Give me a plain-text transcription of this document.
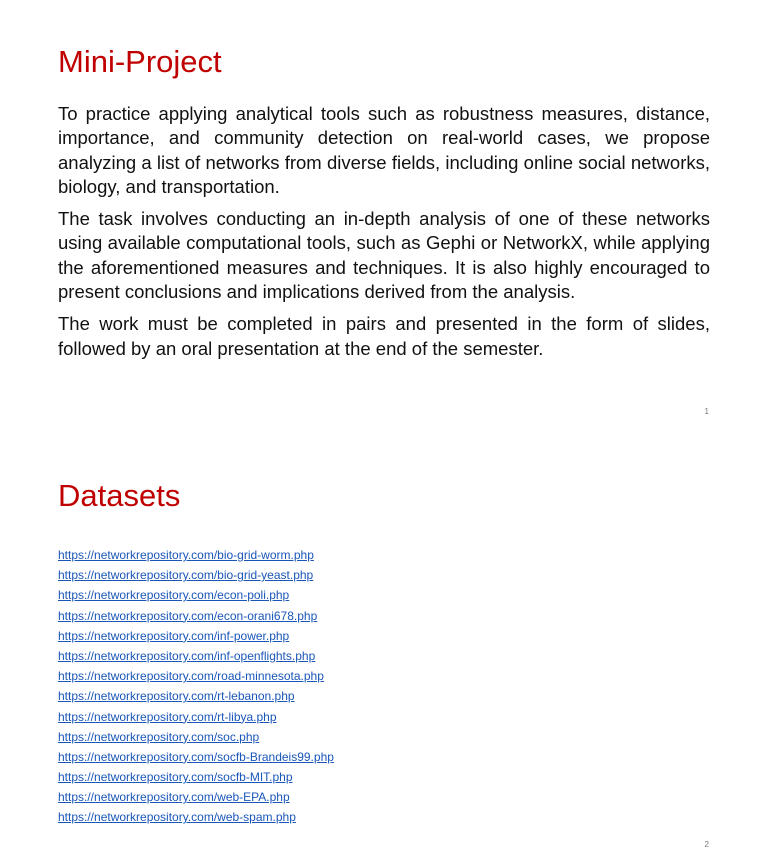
Mini-Project

To practice applying analytical tools such as robustness measures, distance, importance, and community detection on real-world cases, we propose analyzing a list of networks from diverse fields, including online social networks, biology, and transportation.

The task involves conducting an in-depth analysis of one of these networks using available computational tools, such as Gephi or NetworkX, while applying the aforementioned measures and techniques. It is also highly encouraged to present conclusions and implications derived from the analysis.

The work must be completed in pairs and presented in the form of slides, followed by an oral presentation at the end of the semester.

1
Datasets
https://networkrepository.com/bio-grid-worm.php
https://networkrepository.com/bio-grid-yeast.php
https://networkrepository.com/econ-poli.php
https://networkrepository.com/econ-orani678.php
https://networkrepository.com/inf-power.php
https://networkrepository.com/inf-openflights.php
https://networkrepository.com/road-minnesota.php
https://networkrepository.com/rt-lebanon.php
https://networkrepository.com/rt-libya.php
https://networkrepository.com/soc.php
https://networkrepository.com/socfb-Brandeis99.php
https://networkrepository.com/socfb-MIT.php
https://networkrepository.com/web-EPA.php
https://networkrepository.com/web-spam.php
2
